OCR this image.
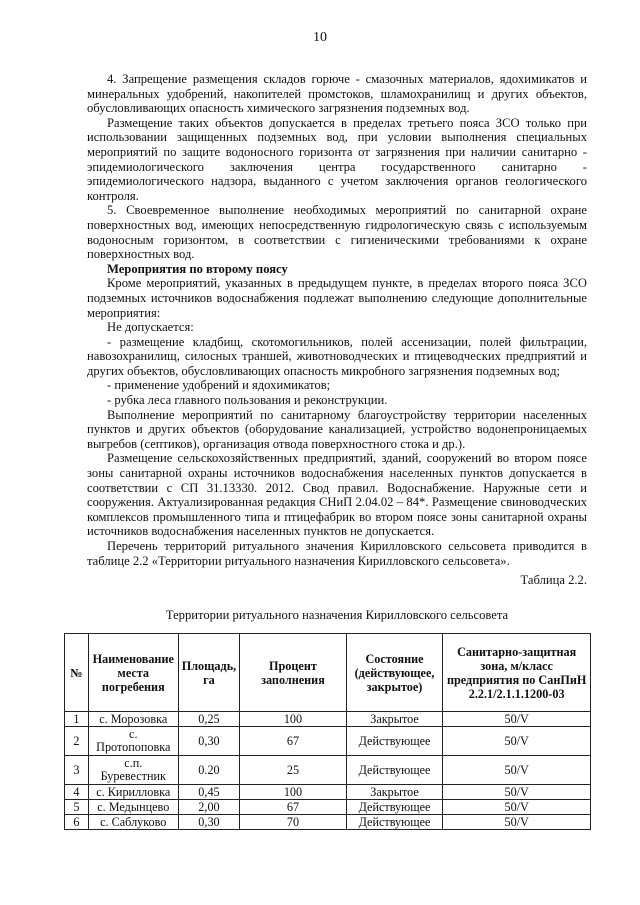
10

4. Запрещение размещения складов горюче - смазочных материалов, ядохимикатов и минеральных удобрений, накопителей промстоков, шламохранилищ и других объектов, обусловливающих опасность химического загрязнения подземных вод.

Размещение таких объектов допускается в пределах третьего пояса ЗСО только при использовании защищенных подземных вод, при условии выполнения специальных мероприятий по защите водоносного горизонта от загрязнения при наличии санитарно - эпидемиологического заключения центра государственного санитарно - эпидемиологического надзора, выданного с учетом заключения органов геологического контроля.

5. Своевременное выполнение необходимых мероприятий по санитарной охране поверхностных вод, имеющих непосредственную гидрологическую связь с используемым водоносным горизонтом, в соответствии с гигиеническими требованиями к охране поверхностных вод.

Мероприятия по второму поясу

Кроме мероприятий, указанных в предыдущем пункте, в пределах второго пояса ЗСО подземных источников водоснабжения подлежат выполнению следующие дополнительные мероприятия:

Не допускается:

- размещение кладбищ, скотомогильников, полей ассенизации, полей фильтрации, навозохранилищ, силосных траншей, животноводческих и птицеводческих предприятий и других объектов, обусловливающих опасность микробного загрязнения подземных вод;

- применение удобрений и ядохимикатов;

- рубка леса главного пользования и реконструкции.

Выполнение мероприятий по санитарному благоустройству территории населенных пунктов и других объектов (оборудование канализацией, устройство водонепроницаемых выгребов (септиков), организация отвода поверхностного стока и др.).

Размещение сельскохозяйственных предприятий, зданий, сооружений во втором поясе зоны санитарной охраны источников водоснабжения населенных пунктов допускается в соответствии с СП 31.13330. 2012. Свод правил. Водоснабжение. Наружные сети и сооружения. Актуализированная редакция СНиП 2.04.02 – 84*. Размещение свиноводческих комплексов промышленного типа и птицефабрик во втором поясе зоны санитарной охраны источников водоснабжения населенных пунктов не допускается.

Перечень территорий ритуального значения Кирилловского сельсовета приводится в таблице 2.2 «Территории ритуального назначения Кирилловского сельсовета».

Таблица 2.2.
Территории ритуального назначения Кирилловского сельсовета
№	Наименование места погребения	Площадь, га	Процент заполнения	Состояние (действующее, закрытое)	Санитарно-защитная зона, м/класс предприятия по СанПиН 2.2.1/2.1.1.1200-03
1	с. Морозовка	0,25	100	Закрытое	50/V
2	с. Протопоповка	0,30	67	Действующее	50/V
3	с.п. Буревестник	0.20	25	Действующее	50/V
4	с. Кирилловка	0,45	100	Закрытое	50/V
5	с. Медынцево	2,00	67	Действующее	50/V
6	с. Саблуково	0,30	70	Действующее	50/V
